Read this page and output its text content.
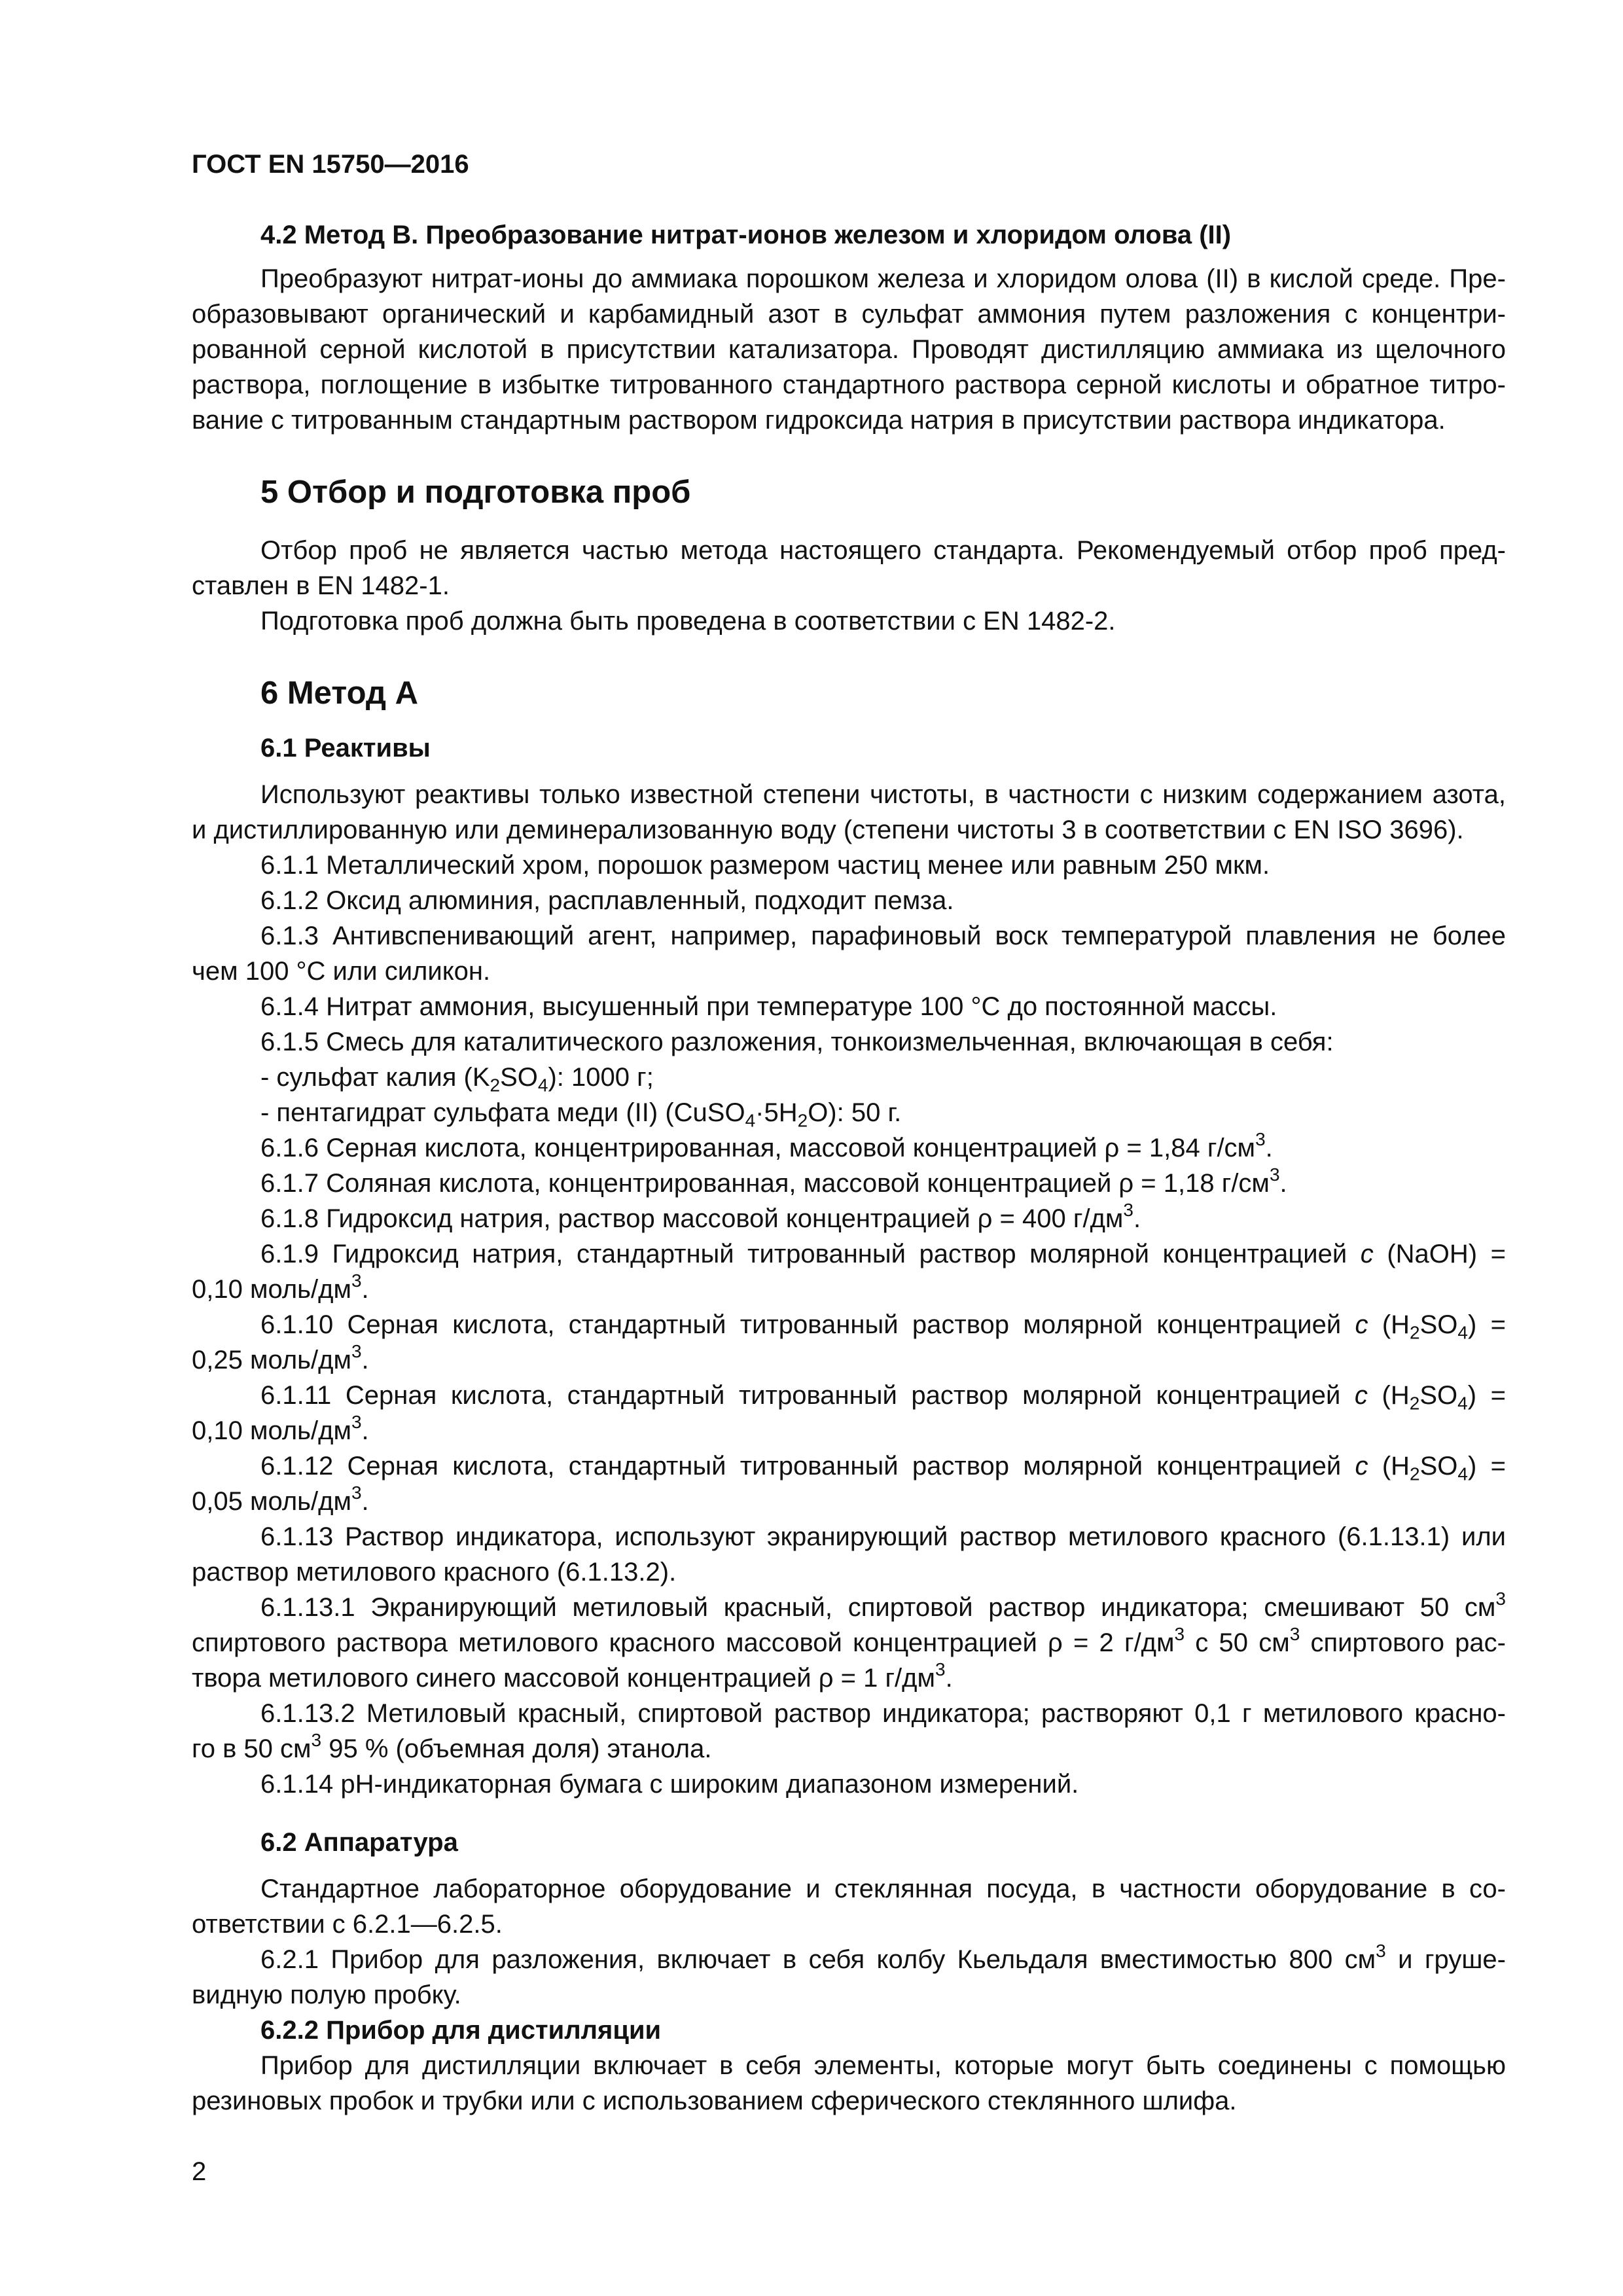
ГОСТ EN 15750—2016
4.2 Метод B. Преобразование нитрат-ионов железом и хлоридом олова (II)
Преобразуют нитрат-ионы до аммиака порошком железа и хлоридом олова (II) в кислой среде. Пре-
образовывают органический и карбамидный азот в сульфат аммония путем разложения с концентри-
рованной серной кислотой в присутствии катализатора. Проводят дистилляцию аммиака из щелочного
раствора, поглощение в избытке титрованного стандартного раствора серной кислоты и обратное титро-
вание с титрованным стандартным раствором гидроксида натрия в присутствии раствора индикатора.
5 Отбор и подготовка проб
Отбор проб не является частью метода настоящего стандарта. Рекомендуемый отбор проб пред-
ставлен в EN 1482-1.
Подготовка проб должна быть проведена в соответствии с EN 1482-2.
6 Метод А
6.1 Реактивы
Используют реактивы только известной степени чистоты, в частности с низким содержанием азота,
и дистиллированную или деминерализованную воду (степени чистоты 3 в соответствии с EN ISO 3696).
6.1.1 Металлический хром, порошок размером частиц менее или равным 250 мкм.
6.1.2 Оксид алюминия, расплавленный, подходит пемза.
6.1.3 Антивспенивающий агент, например, парафиновый воск температурой плавления не более
чем 100 °C или силикон.
6.1.4 Нитрат аммония, высушенный при температуре 100 °C до постоянной массы.
6.1.5 Смесь для каталитического разложения, тонкоизмельченная, включающая в себя:
- сульфат калия $(K_2SO_4)$: 1000 г;
- пентагидрат сульфата меди (II) $(CuSO_4\cdot 5H_2O)$: 50 г.
6.1.6 Серная кислота, концентрированная, массовой концентрацией ρ = 1,84 $г/см^3$.
6.1.7 Соляная кислота, концентрированная, массовой концентрацией ρ = 1,18 $г/см^3$.
6.1.8 Гидроксид натрия, раствор массовой концентрацией ρ = 400 $г/дм^3$.
6.1.9 Гидроксид натрия, стандартный титрованный раствор молярной концентрацией c (NaOH) =
0,10 моль/$дм^3$.
6.1.10 Серная кислота, стандартный титрованный раствор молярной концентрацией c $(H_2SO_4)$ =
0,25 моль/$дм^3$.
6.1.11 Серная кислота, стандартный титрованный раствор молярной концентрацией c $(H_2SO_4)$ =
0,10 моль/$дм^3$.
6.1.12 Серная кислота, стандартный титрованный раствор молярной концентрацией c $(H_2SO_4)$ =
0,05 моль/$дм^3$.
6.1.13 Раствор индикатора, используют экранирующий раствор метилового красного (6.1.13.1) или
раствор метилового красного (6.1.13.2).
6.1.13.1 Экранирующий метиловый красный, спиртовой раствор индикатора; смешивают 50 $см^3$
спиртового раствора метилового красного массовой концентрацией ρ = 2 $г/дм^3$ с 50 $см^3$ спиртового рас-
твора метилового синего массовой концентрацией ρ = 1 $г/дм^3$.
6.1.13.2 Метиловый красный, спиртовой раствор индикатора; растворяют 0,1 г метилового красно-
го в 50 $см^3$ 95 % (объемная доля) этанола.
6.1.14 pH-индикаторная бумага с широким диапазоном измерений.
6.2 Аппаратура
Стандартное лабораторное оборудование и стеклянная посуда, в частности оборудование в со-
ответствии с 6.2.1—6.2.5.
6.2.1 Прибор для разложения, включает в себя колбу Кьельдаля вместимостью 800 $см^3$ и груше-
видную полую пробку.
6.2.2 Прибор для дистилляции
Прибор для дистилляции включает в себя элементы, которые могут быть соединены с помощью
резиновых пробок и трубки или с использованием сферического стеклянного шлифа.
2
